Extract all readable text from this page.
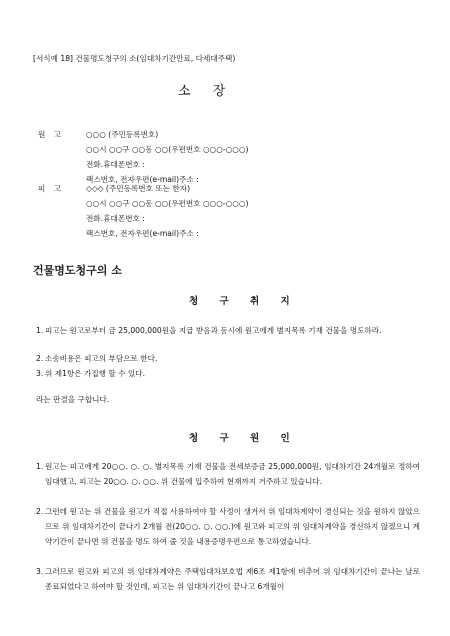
[서식예 18] 건물명도청구의 소(임대차기간만료, 다세대주택)
소 장
원 고	○○○ (주민등록번호)
○○시 ○○구 ○○동 ○○(우편번호 ○○○-○○○)
전화․휴대폰번호 :
팩스번호, 전자우편(e-mail)주소 :
피 고	◇◇◇ (주민등록번호 또는 한자)
○○시 ○○구 ○○동 ○○(우편번호 ○○○-○○○)
전화․휴대폰번호 :
팩스번호, 전자우편(e-mail)주소 :
건물명도청구의 소
청 구 취 지
1. 피고는 원고로부터 금 25,000,000원을 지급 받음과 동시에 원고에게 별지목록 기재 건물을 명도하라.
2. 소송비용은 피고의 부담으로 한다.
3. 위 제1항은 가집행 할 수 있다.
라는 판결을 구합니다.
청 구 원 인
1. 원고는 피고에게 20○○. ○. ○. 별지목록 기재 건물을 전세보증금 25,000,000원, 임대차기간 24개월로 정하여 임대했고, 피고는 20○○. ○. ○○. 위 건물에 입주하여 현재까지 거주하고 있습니다.
2. 그런데 원고는 위 건물을 원고가 직접 사용하여야 할 사정이 생겨서 위 임대차계약이 경신되는 것을 원하지 않았으므로 위 임대차기간이 끝나기 2개월 전(20○○. ○. ○○.)에 원고와 피고의 위 임대차계약을 경신하지 않겠으니 계약기간이 끝나면 위 건물을 명도 하여 줄 것을 내용증명우편으로 통고하였습니다.
3. 그러므로 원고와 피고의 위 임대차계약은 주택임대차보호법 제6조 제1항에 비추어 위 임대차기간이 끝나는 날로 종료되었다고 하여야 할 것인데, 피고는 위 임대차기간이 끝나고 6개월이
